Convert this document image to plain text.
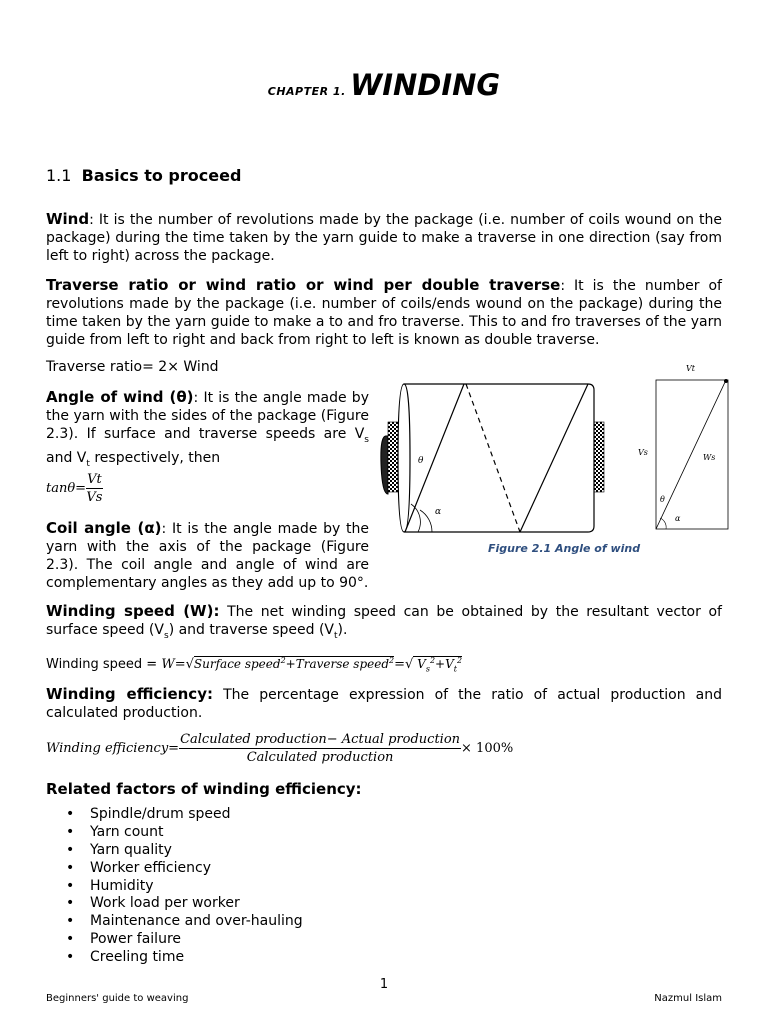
CHAPTER 1. WINDING
1.1 Basics to proceed
Wind: It is the number of revolutions made by the package (i.e. number of coils wound on the package) during the time taken by the yarn guide to make a traverse in one direction (say from left to right) across the package.
Traverse ratio or wind ratio or wind per double traverse: It is the number of revolutions made by the package (i.e. number of coils/ends wound on the package) during the time taken by the yarn guide to make a to and fro traverse. This to and fro traverses of the yarn guide from left to right and back from right to left is known as double traverse.
Traverse ratio= 2× Wind
Angle of wind (θ): It is the angle made by the yarn with the sides of the package (Figure 2.3). If surface and traverse speeds are $V_s$ and $V_t$ respectively, then
$\tan\theta= \frac{Vt}{Vs}$
Coil angle (α): It is the angle made by the yarn with the axis of the package (Figure 2.3). The coil angle and angle of wind are complementary angles as they add up to 90°.
θ
α
Vt
Vs
Ws
θ
α
Figure 2.1 Angle of wind
Winding speed (W): The net winding speed can be obtained by the resultant vector of surface speed $(V_s)$ and traverse speed $(V_t)$.
Winding speed = W=√Surface speed$^2$+Traverse speed$^2$=√ $V_s^2+V_t^2$
Winding efficiency: The percentage expression of the ratio of actual production and calculated production.
Winding efficiency= $\frac{\text{Calculated production− Actual production}}{\text{Calculated production}} \times 100\%$
Related factors of winding efficiency:
• Spindle/drum speed
• Yarn count
• Yarn quality
• Worker efficiency
• Humidity
• Work load per worker
• Maintenance and over-hauling
• Power failure
• Creeling time
1
Beginners' guide to weaving	Nazmul Islam
